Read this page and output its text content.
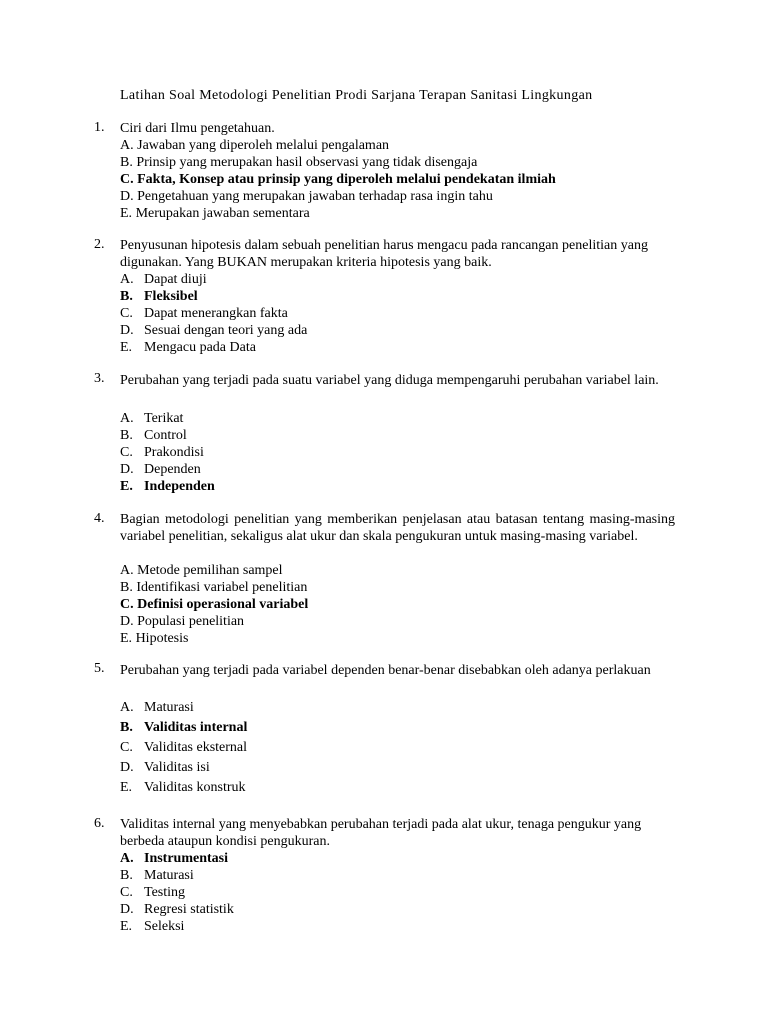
Latihan Soal Metodologi Penelitian Prodi Sarjana Terapan Sanitasi Lingkungan
1. Ciri dari Ilmu pengetahuan.
A. Jawaban yang diperoleh melalui pengalaman
B. Prinsip yang merupakan hasil observasi yang tidak disengaja
C. Fakta, Konsep atau prinsip yang diperoleh melalui pendekatan ilmiah
D. Pengetahuan yang merupakan jawaban terhadap rasa ingin tahu
E. Merupakan jawaban sementara
2. Penyusunan hipotesis dalam sebuah penelitian harus mengacu pada rancangan penelitian yang digunakan. Yang BUKAN merupakan kriteria hipotesis yang baik.
A. Dapat diuji
B. Fleksibel
C. Dapat menerangkan fakta
D. Sesuai dengan teori yang ada
E. Mengacu pada Data
3. Perubahan yang terjadi pada suatu variabel yang diduga mempengaruhi perubahan variabel lain.
A. Terikat
B. Control
C. Prakondisi
D. Dependen
E. Independen
4. Bagian metodologi penelitian yang memberikan penjelasan atau batasan tentang masing-masing variabel penelitian, sekaligus alat ukur dan skala pengukuran untuk masing-masing variabel.
A. Metode pemilihan sampel
B. Identifikasi variabel penelitian
C. Definisi operasional variabel
D. Populasi penelitian
E. Hipotesis
5. Perubahan yang terjadi pada variabel dependen benar-benar disebabkan oleh adanya perlakuan
A. Maturasi
B. Validitas internal
C. Validitas eksternal
D. Validitas isi
E. Validitas konstruk
6. Validitas internal yang menyebabkan perubahan terjadi pada alat ukur, tenaga pengukur yang berbeda ataupun kondisi pengukuran.
A. Instrumentasi
B. Maturasi
C. Testing
D. Regresi statistik
E. Seleksi
